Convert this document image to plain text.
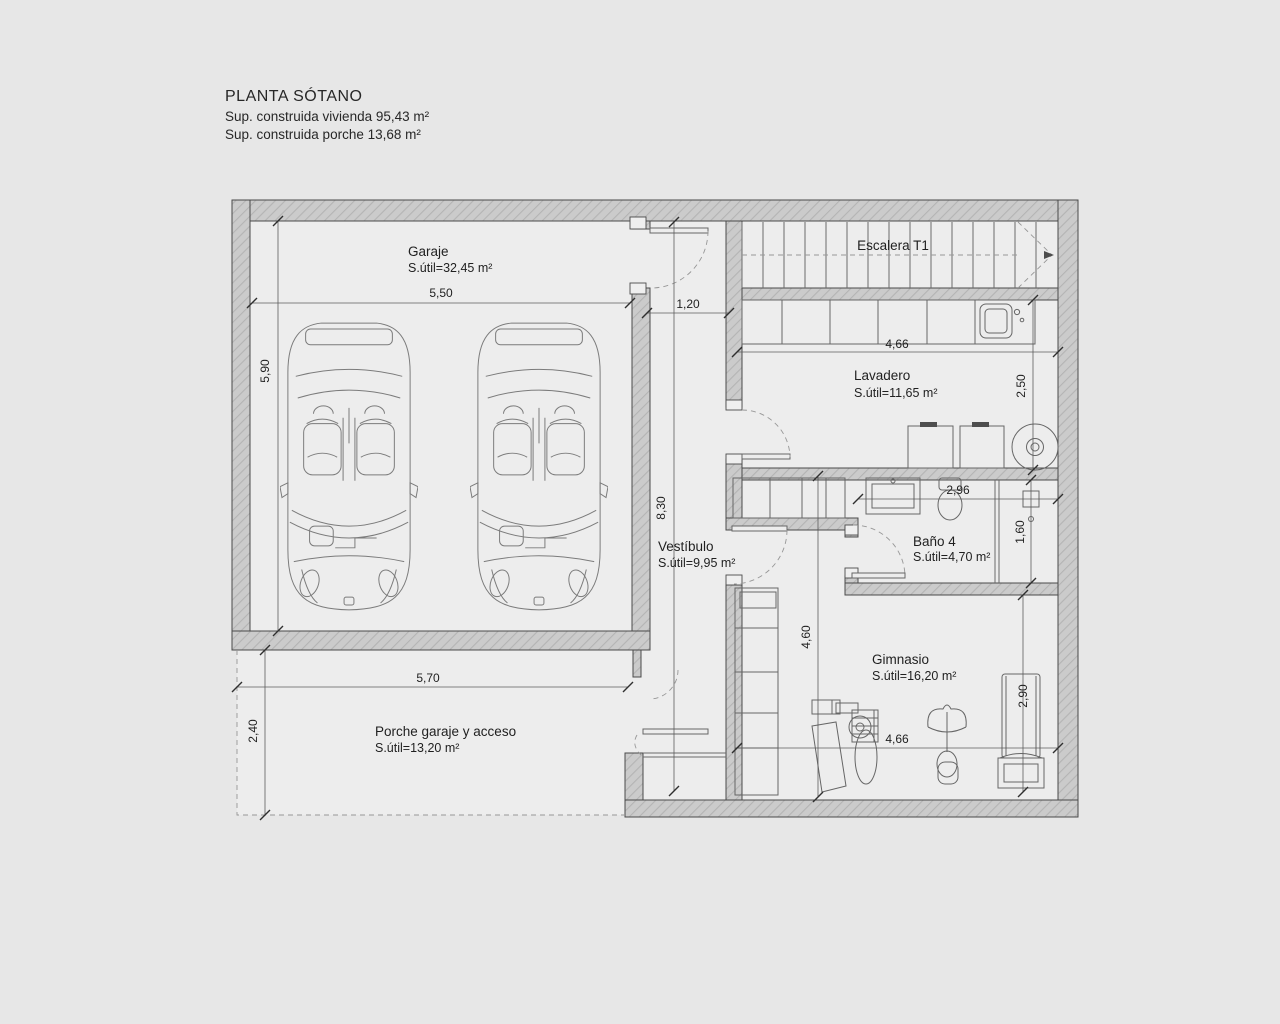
PLANTA SÓTANO
Sup. construida vivienda 95,43 m²
Sup. construida porche 13,68 m²
Garaje
S.útil=32,45 m²
Escalera T1
Lavadero
S.útil=11,65 m²
Vestíbulo
S.útil=9,95 m²
Baño 4
S.útil=4,70 m²
Gimnasio
S.útil=16,20 m²
Porche garaje y acceso
S.útil=13,20 m²
5,50
5,90
1,20
8,30
4,66
2,50
2,96
1,60
4,60
2,90
4,66
5,70
2,40
